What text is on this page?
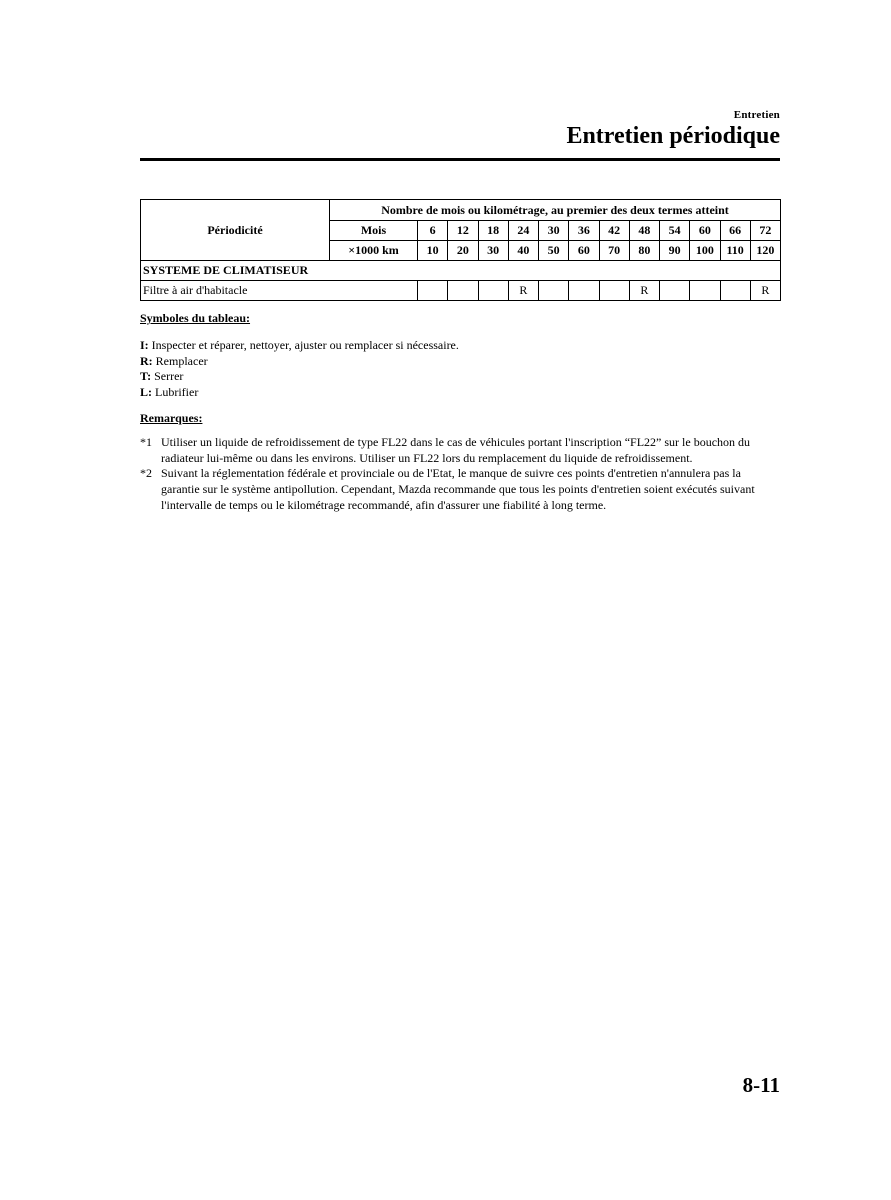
Entretien
Entretien périodique
Périodicité	Nombre de mois ou kilométrage, au premier des deux termes atteint												
	Mois	6	12	18	24	30	36	42	48	54	60	66	72
	×1000 km	10	20	30	40	50	60	70	80	90	100	110	120
SYSTEME DE CLIMATISEUR													
Filtre à air d'habitacle					R				R				R

Symboles du tableau:

I: Inspecter et réparer, nettoyer, ajuster ou remplacer si nécessaire.

R: Remplacer

T: Serrer

L: Lubrifier

Remarques:

*1 Utiliser un liquide de refroidissement de type FL22 dans le cas de véhicules portant l'inscription “FL22” sur le bouchon du radiateur lui-même ou dans les environs. Utiliser un FL22 lors du remplacement du liquide de refroidissement.
*2 Suivant la réglementation fédérale et provinciale ou de l'Etat, le manque de suivre ces points d'entretien n'annulera pas la garantie sur le système antipollution. Cependant, Mazda recommande que tous les points d'entretien soient exécutés suivant l'intervalle de temps ou le kilométrage recommandé, afin d'assurer une fiabilité à long terme.
8-11
